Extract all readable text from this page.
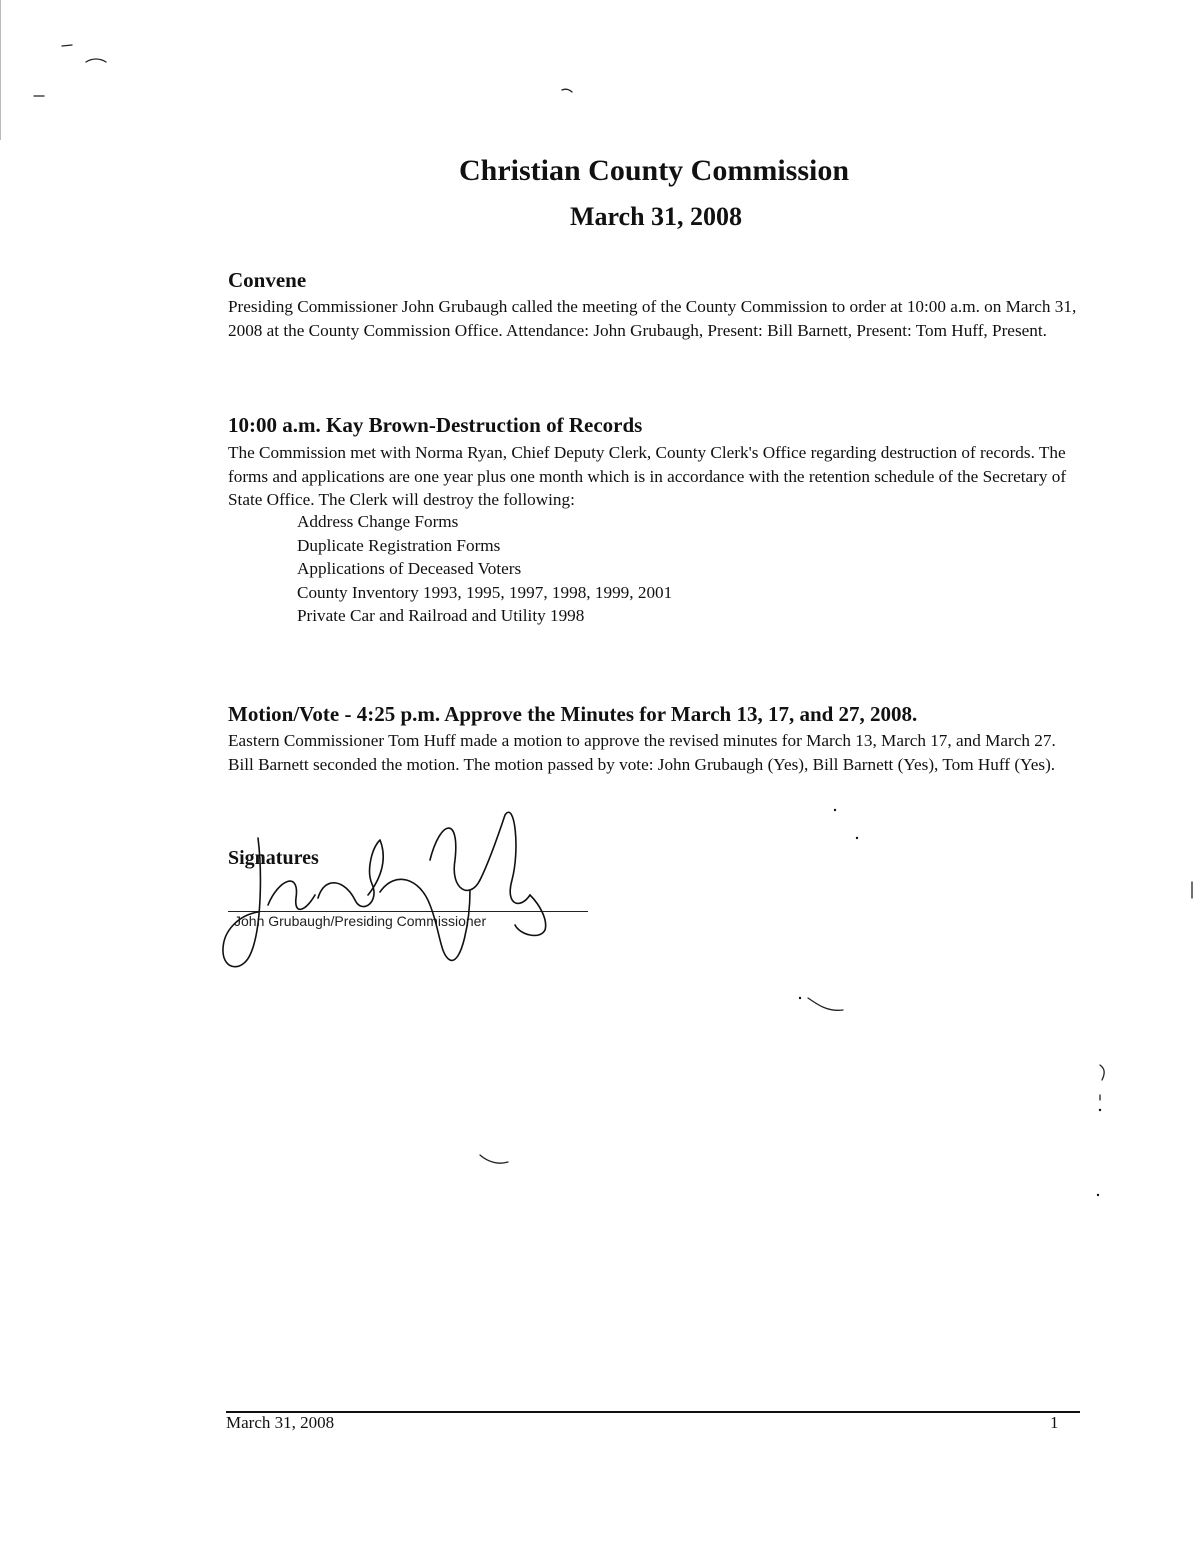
Christian County Commission
March 31, 2008
Convene
Presiding Commissioner John Grubaugh called the meeting of the County Commission to order at 10:00 a.m. on March 31, 2008 at the County Commission Office. Attendance: John Grubaugh, Present: Bill Barnett, Present: Tom Huff, Present.
10:00 a.m. Kay Brown-Destruction of Records
The Commission met with Norma Ryan, Chief Deputy Clerk, County Clerk's Office regarding destruction of records. The forms and applications are one year plus one month which is in accordance with the retention schedule of the Secretary of State Office. The Clerk will destroy the following:
Address Change Forms
Duplicate Registration Forms
Applications of Deceased Voters
County Inventory 1993, 1995, 1997, 1998, 1999, 2001
Private Car and Railroad and Utility 1998
Motion/Vote - 4:25 p.m. Approve the Minutes for March 13, 17, and 27, 2008.
Eastern Commissioner Tom Huff made a motion to approve the revised minutes for March 13, March 17, and March 27. Bill Barnett seconded the motion. The motion passed by vote: John Grubaugh (Yes), Bill Barnett (Yes), Tom Huff (Yes).
Signatures
John Grubaugh/Presiding Commissioner
March 31, 2008	1
